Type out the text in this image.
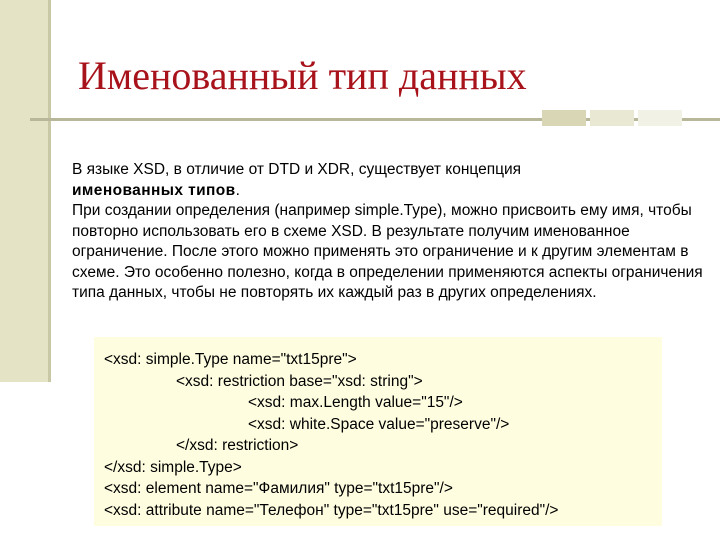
Именованный тип данных

В языке XSD, в отличие от DTD и XDR, существует концепция
именованных типов.

При создании определения (например simple.Type), можно присвоить ему имя, чтобы повторно использовать его в схеме XSD. В результате получим именованное ограничение. После этого можно применять это ограничение и к другим элементам в схеме. Это особенно полезно, когда в определении применяются аспекты ограничения типа данных, чтобы не повторять их каждый раз в других определениях.

<xsd: simple.Type name="txt15pre">
<xsd: restriction base="xsd: string">
<xsd: max.Length value="15"/>
<xsd: white.Space value="preserve"/>
</xsd: restriction>
</xsd: simple.Type>
<xsd: element name="Фамилия" type="txt15pre"/>
<xsd: attribute name="Телефон" type="txt15pre" use="required"/>
